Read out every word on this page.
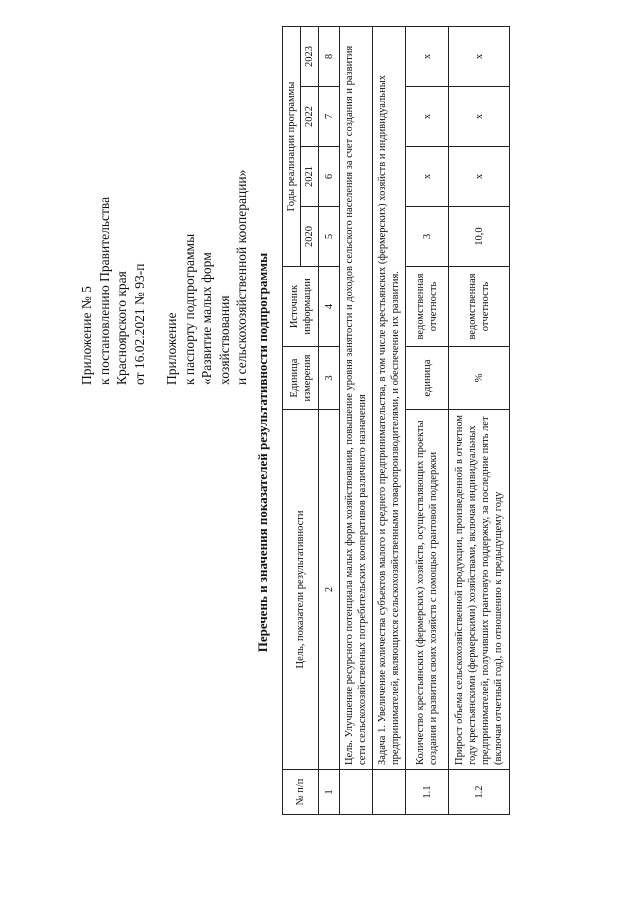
Приложение № 5 к постановлению Правительства Красноярского края от 16.02.2021 № 93-п Приложение к паспорту подпрограммы «Развитие малых форм хозяйствования и сельскохозяйственной кооперации» Перечень и значения показателей результативности подпрограммы
№ п/п	Цель, показатели результативности	Единица измерения	Источник информации	Годы реализации программы			
				2020	2021	2022	2023
1	2	3	4	5	6	7	8
	Цель. Улучшение ресурсного потенциала малых форм хозяйствования, повышение уровня занятости и доходов сельского населения за счет создания и развития сети сельскохозяйственных потребительских кооперативов различного назначения						
	Задача 1. Увеличение количества субъектов малого и среднего предпринимательства, в том числе крестьянских (фермерских) хозяйств и индивидуальных предпринимателей, являющихся сельскохозяйственными товаропроизводителями, и обеспечение их развития.						
1.1	Количество крестьянских (фермерских) хозяйств, осуществляющих проекты создания и развития своих хозяйств с помощью грантовой поддержки	единица	ведомственная отчетность	3	х	х	х
1.2	Прирост объема сельскохозяйственной продукции, произведенной в отчетном году крестьянскими (фермерскими) хозяйствами, включая индивидуальных предпринимателей, получивших грантовую поддержку, за последние пять лет (включая отчетный год), по отношению к предыдущему году	%	ведомственная отчетность	10,0	х	х	х
